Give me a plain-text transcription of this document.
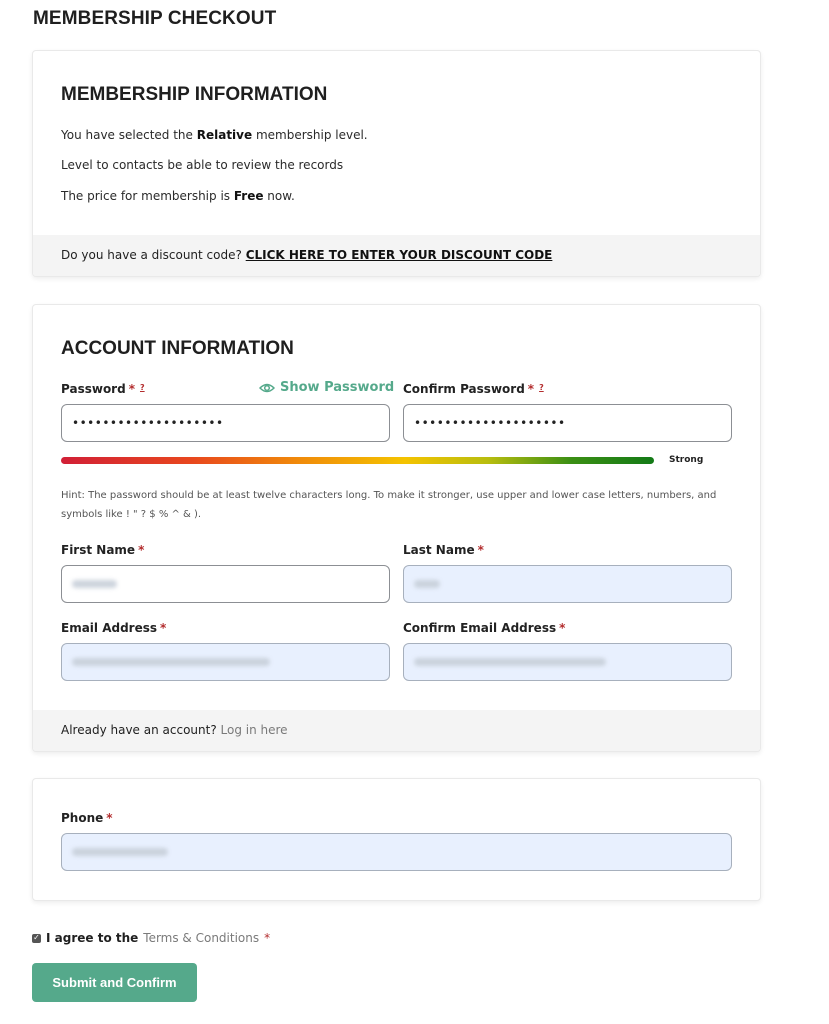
MEMBERSHIP CHECKOUT
MEMBERSHIP INFORMATION

You have selected the Relative membership level.

Level to contacts be able to review the records

The price for membership is Free now.

Do you have a discount code? CLICK HERE TO ENTER YOUR DISCOUNT CODE
ACCOUNT INFORMATION
Password * ?	Show Password Confirm Password * ?
••••••••••••••••••••	••••••••••••••••••••
Strong

Hint: The password should be at least twelve characters long. To make it stronger, use upper and lower case letters, numbers, and symbols like ! " ? $ % ^ & ).

First Name *	Last Name *
Email Address *	Confirm Email Address *
Already have an account? Log in here
Phone *
✓ I agree to the Terms & Conditions *
Submit and Confirm
